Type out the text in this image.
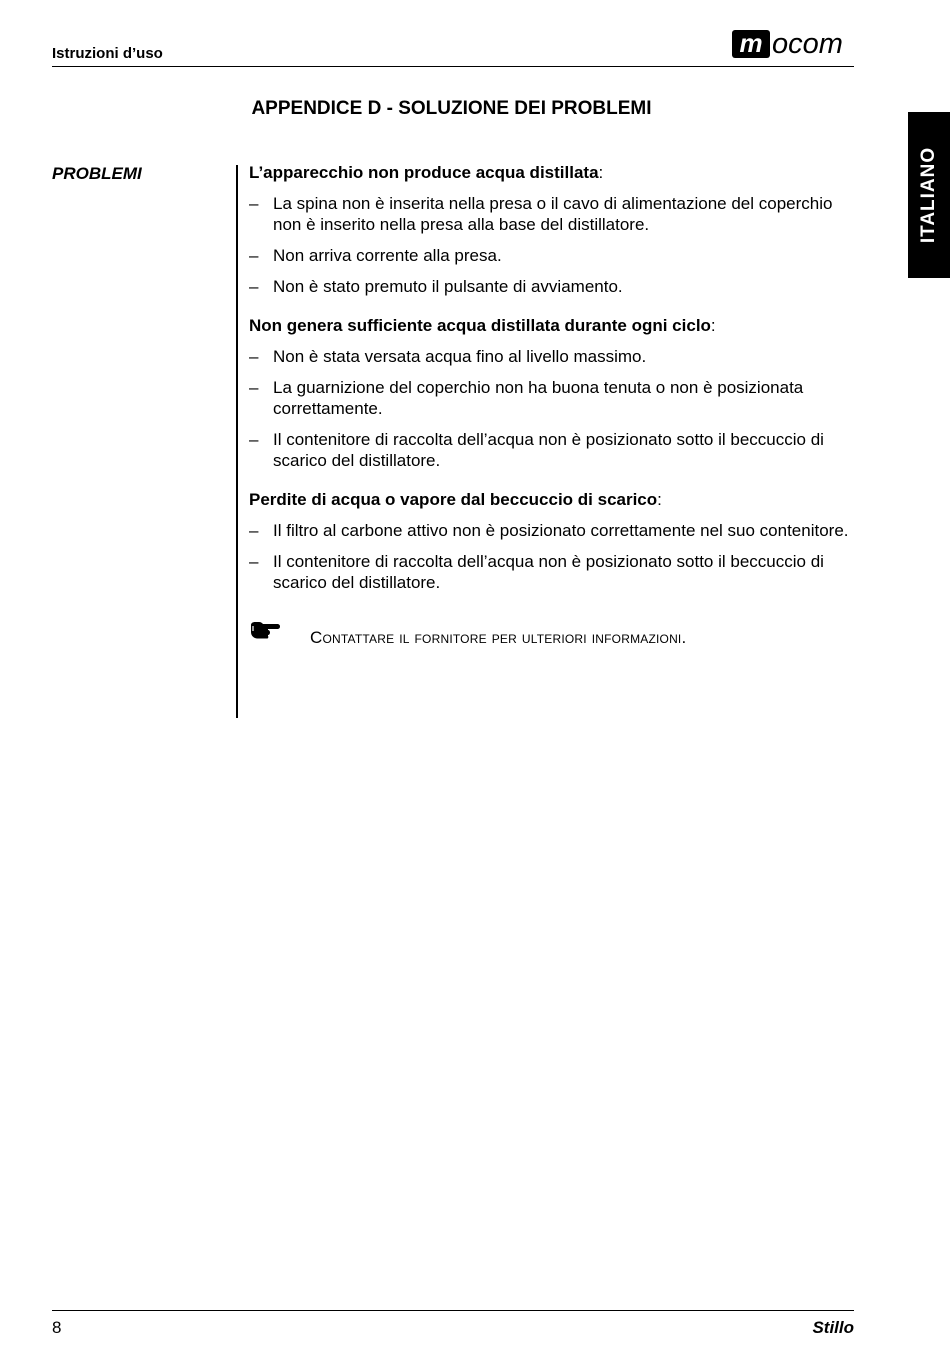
Istruzioni d’uso	m ocom
ITALIANO
APPENDICE D - SOLUZIONE DEI PROBLEMI
PROBLEMI	L’apparecchio non produce acqua distillata:
– La spina non è inserita nella presa o il cavo di alimentazione del coperchio non è inserito nella presa alla base del distillatore.
– Non arriva corrente alla presa.
– Non è stato premuto il pulsante di avviamento.
Non genera sufficiente acqua distillata durante ogni ciclo:
– Non è stata versata acqua fino al livello massimo.
– La guarnizione del coperchio non ha buona tenuta o non è posizionata correttamente.
– Il contenitore di raccolta dell’acqua non è posizionato sotto il beccuccio di scarico del distillatore.
Perdite di acqua o vapore dal beccuccio di scarico:
– Il filtro al carbone attivo non è posizionato correttamente nel suo contenitore.
– Il contenitore di raccolta dell’acqua non è posizionato sotto il beccuccio di scarico del distillatore.
Contattare il fornitore per ulteriori informazioni.
8	Stillo
